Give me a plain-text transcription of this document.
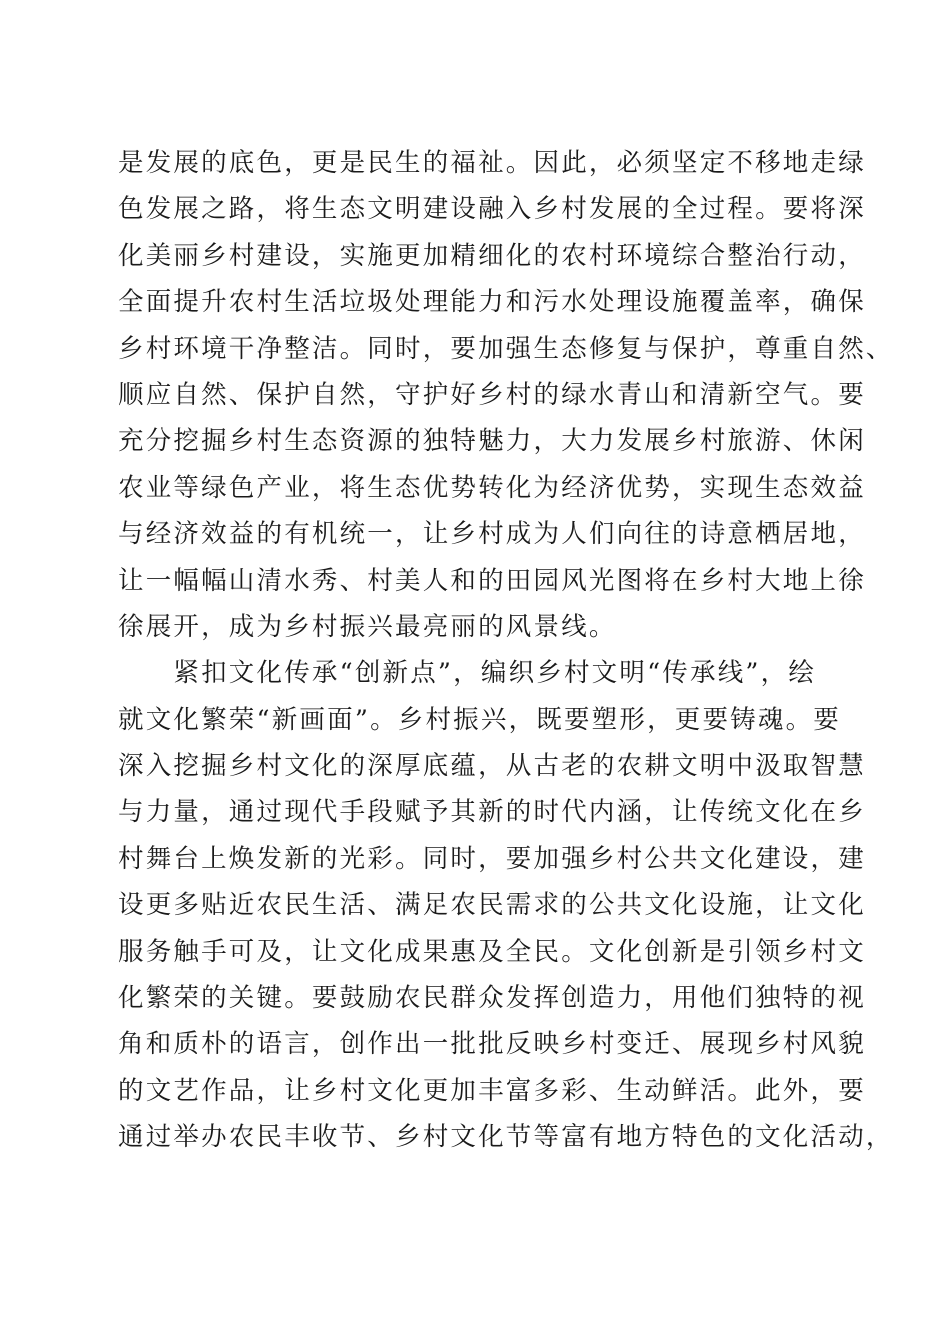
是发展的底色，更是民生的福祉。因此，必须坚定不移地走绿
色发展之路，将生态文明建设融入乡村发展的全过程。要将深
化美丽乡村建设，实施更加精细化的农村环境综合整治行动，
全面提升农村生活垃圾处理能力和污水处理设施覆盖率，确保
乡村环境干净整洁。同时，要加强生态修复与保护，尊重自然、
顺应自然、保护自然，守护好乡村的绿水青山和清新空气。要
充分挖掘乡村生态资源的独特魅力，大力发展乡村旅游、休闲
农业等绿色产业，将生态优势转化为经济优势，实现生态效益
与经济效益的有机统一，让乡村成为人们向往的诗意栖居地，
让一幅幅山清水秀、村美人和的田园风光图将在乡村大地上徐
徐展开，成为乡村振兴最亮丽的风景线。
　　紧扣文化传承“创新点”，编织乡村文明“传承线”，绘
就文化繁荣“新画面”。乡村振兴，既要塑形，更要铸魂。要
深入挖掘乡村文化的深厚底蕴，从古老的农耕文明中汲取智慧
与力量，通过现代手段赋予其新的时代内涵，让传统文化在乡
村舞台上焕发新的光彩。同时，要加强乡村公共文化建设，建
设更多贴近农民生活、满足农民需求的公共文化设施，让文化
服务触手可及，让文化成果惠及全民。文化创新是引领乡村文
化繁荣的关键。要鼓励农民群众发挥创造力，用他们独特的视
角和质朴的语言，创作出一批批反映乡村变迁、展现乡村风貌
的文艺作品，让乡村文化更加丰富多彩、生动鲜活。此外，要
通过举办农民丰收节、乡村文化节等富有地方特色的文化活动，
